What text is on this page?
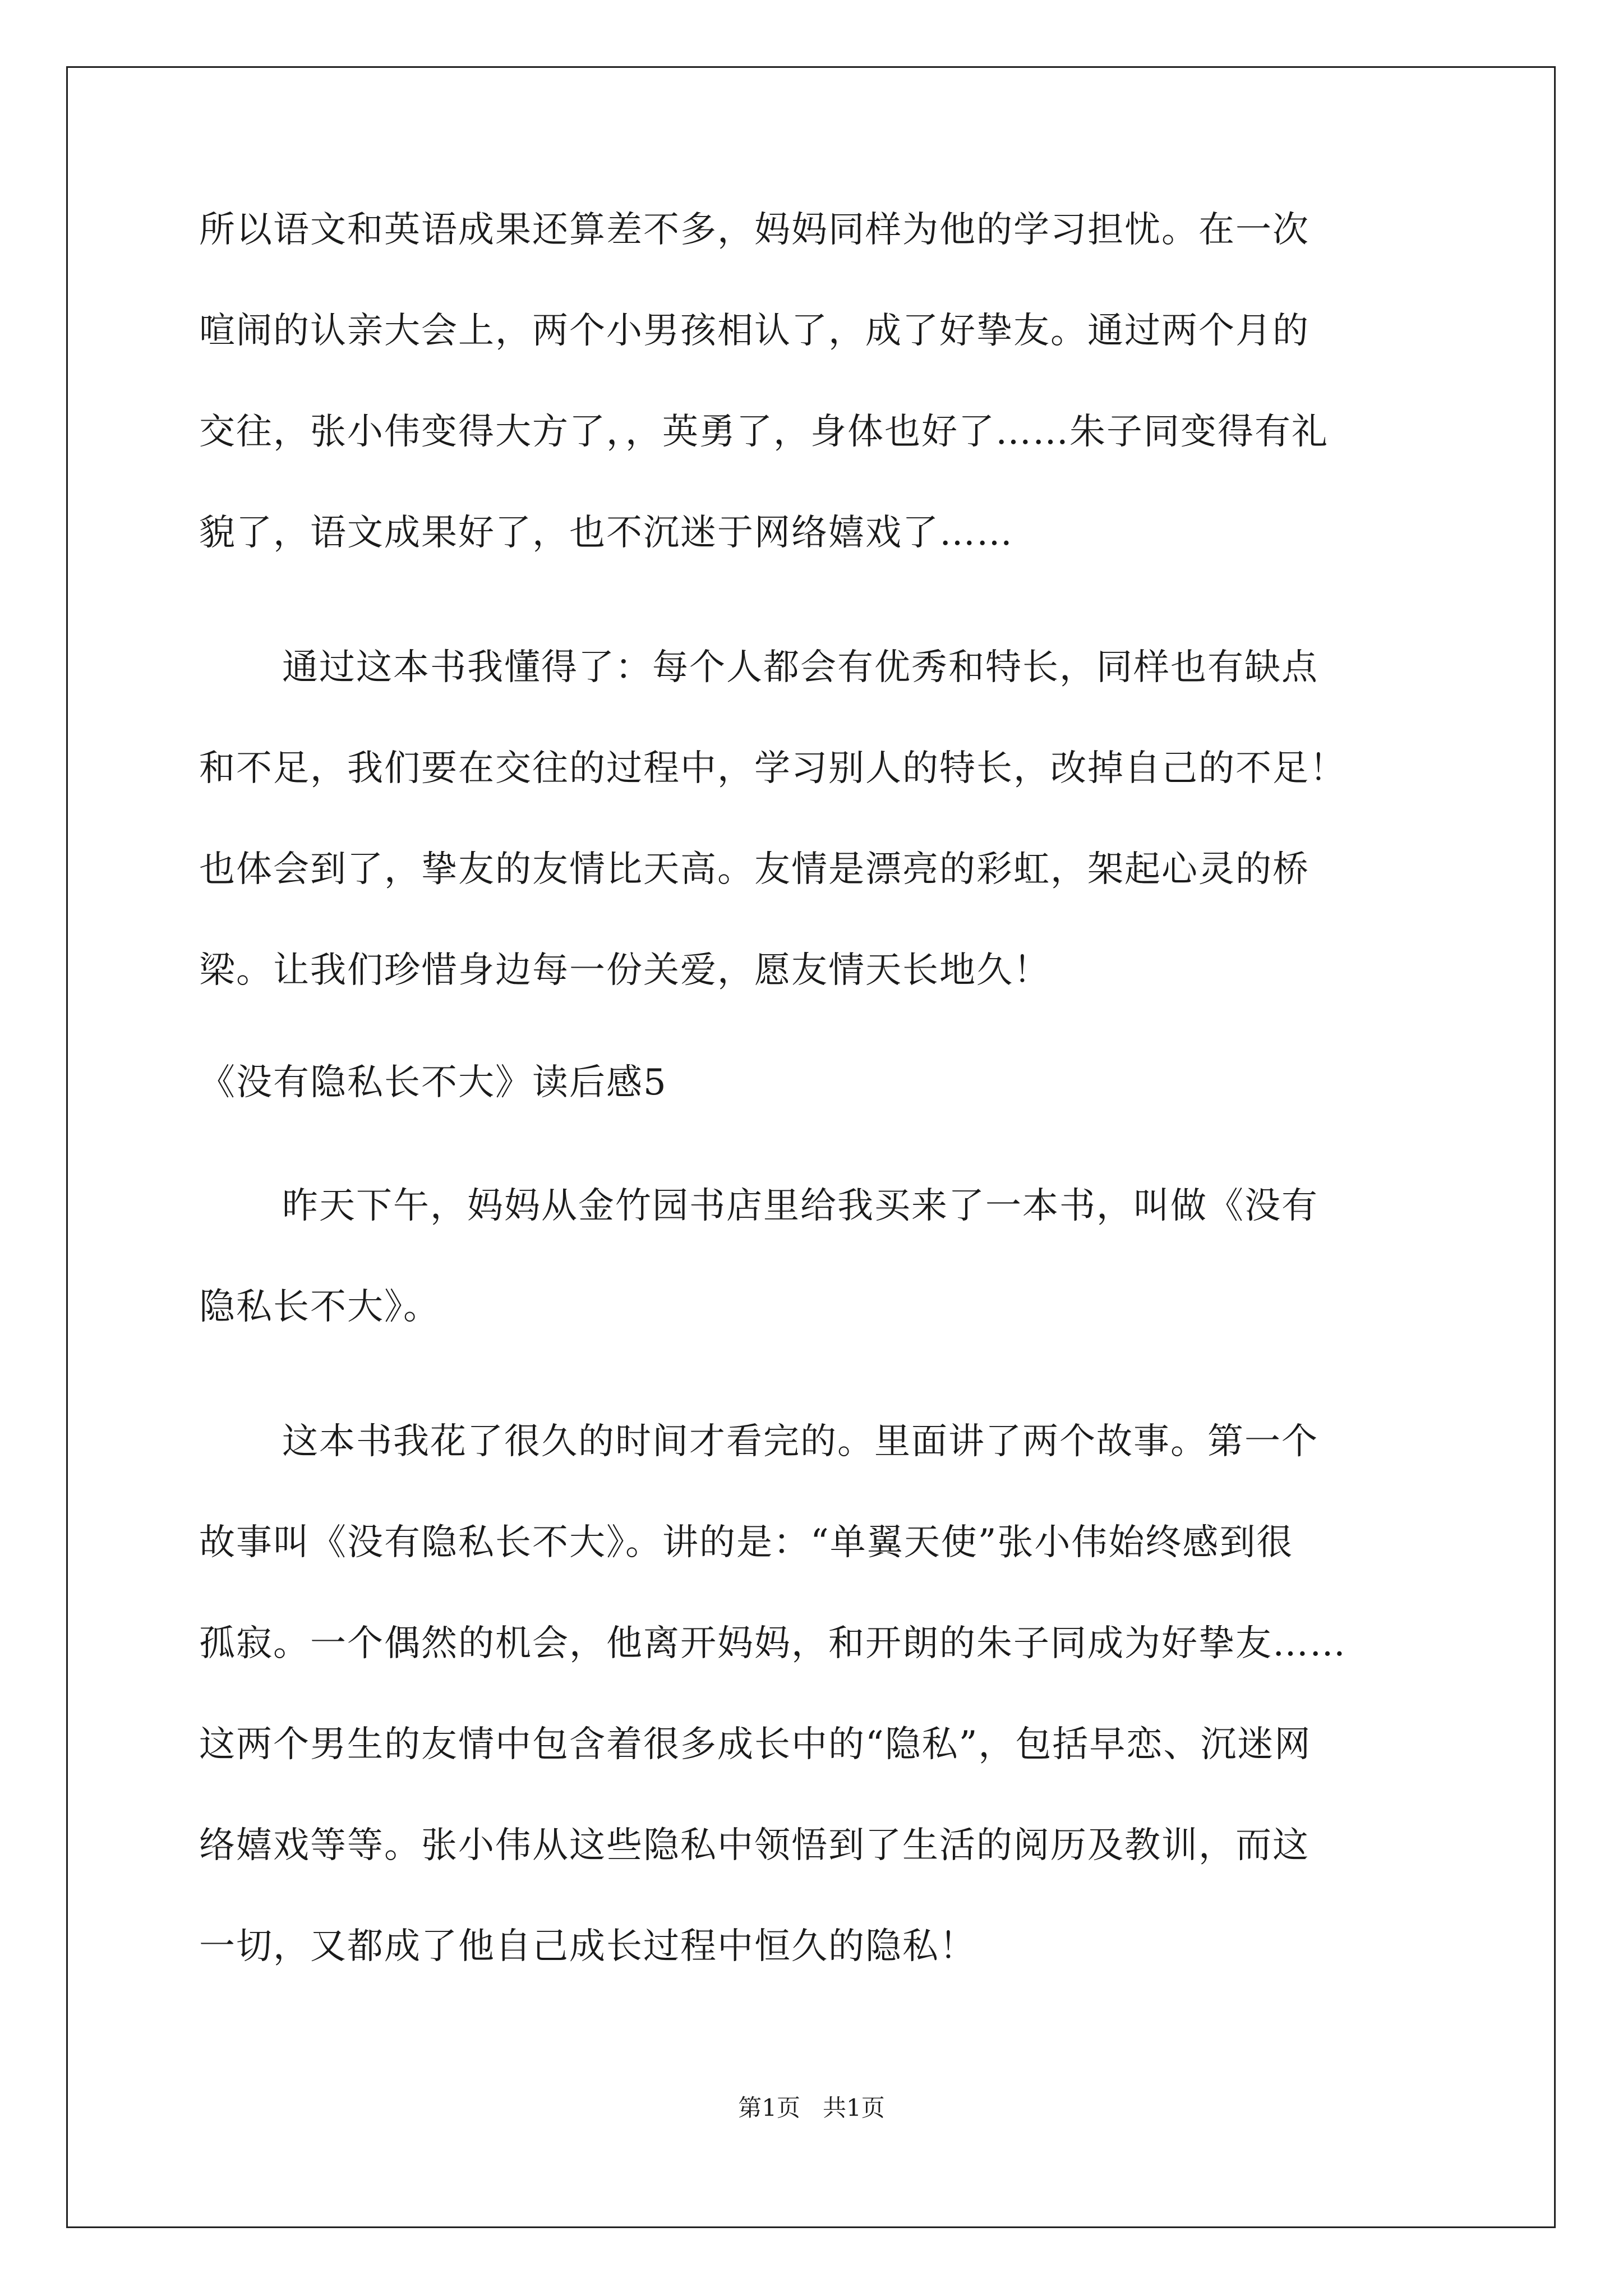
所以语文和英语成果还算差不多，妈妈同样为他的学习担忧。在一次
喧闹的认亲大会上，两个小男孩相认了，成了好挚友。通过两个月的
交往，张小伟变得大方了，，英勇了，身体也好了……朱子同变得有礼
貌了，语文成果好了，也不沉迷于网络嬉戏了……
通过这本书我懂得了：每个人都会有优秀和特长，同样也有缺点
和不足，我们要在交往的过程中，学习别人的特长，改掉自己的不足！
也体会到了，挚友的友情比天高。友情是漂亮的彩虹，架起心灵的桥
梁。让我们珍惜身边每一份关爱，愿友情天长地久！
《没有隐私长不大》读后感5
昨天下午，妈妈从金竹园书店里给我买来了一本书，叫做《没有
隐私长不大》。
这本书我花了很久的时间才看完的。里面讲了两个故事。第一个
故事叫《没有隐私长不大》。讲的是：“单翼天使”张小伟始终感到很
孤寂。一个偶然的机会，他离开妈妈，和开朗的朱子同成为好挚友……
这两个男生的友情中包含着很多成长中的“隐私”，包括早恋、沉迷网
络嬉戏等等。张小伟从这些隐私中领悟到了生活的阅历及教训，而这
一切，又都成了他自己成长过程中恒久的隐私！
第1页   共1页
